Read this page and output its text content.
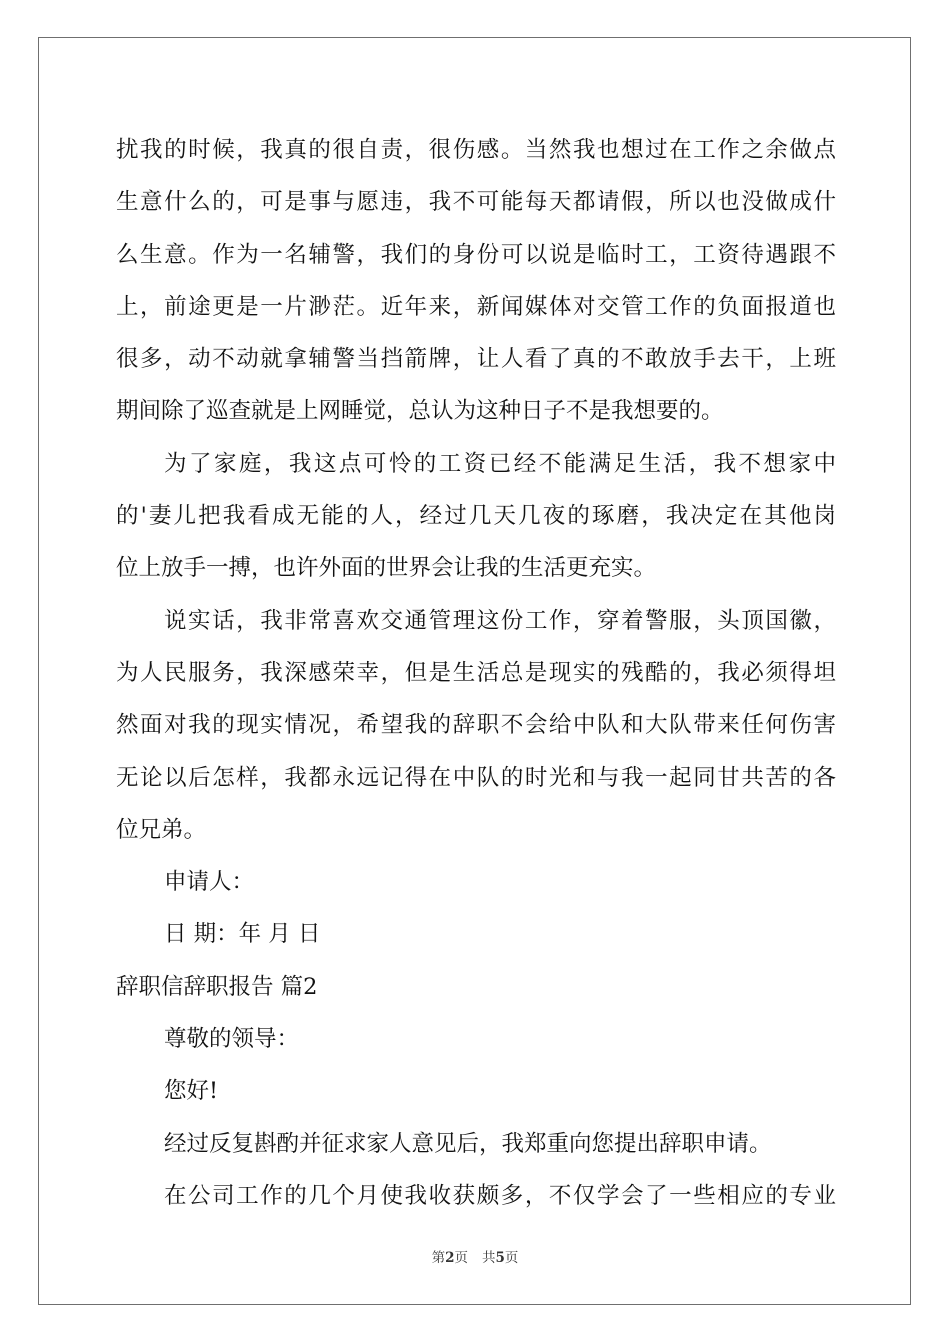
扰我的时候，我真的很自责，很伤感。当然我也想过在工作之余做点
生意什么的，可是事与愿违，我不可能每天都请假，所以也没做成什
么生意。作为一名辅警，我们的身份可以说是临时工，工资待遇跟不
上，前途更是一片渺茫。近年来，新闻媒体对交管工作的负面报道也
很多，动不动就拿辅警当挡箭牌，让人看了真的不敢放手去干，上班
期间除了巡查就是上网睡觉，总认为这种日子不是我想要的。
为了家庭，我这点可怜的工资已经不能满足生活，我不想家中
的'妻儿把我看成无能的人，经过几天几夜的琢磨，我决定在其他岗
位上放手一搏，也许外面的世界会让我的生活更充实。
说实话，我非常喜欢交通管理这份工作，穿着警服，头顶国徽，
为人民服务，我深感荣幸，但是生活总是现实的残酷的，我必须得坦
然面对我的现实情况，希望我的辞职不会给中队和大队带来任何伤害
无论以后怎样，我都永远记得在中队的时光和与我一起同甘共苦的各
位兄弟。
申请人：
日 期：年 月 日
辞职信辞职报告 篇2
尊敬的领导：
您好!
经过反复斟酌并征求家人意见后，我郑重向您提出辞职申请。
在公司工作的几个月使我收获颇多，不仅学会了一些相应的专业
第2页 共5页
